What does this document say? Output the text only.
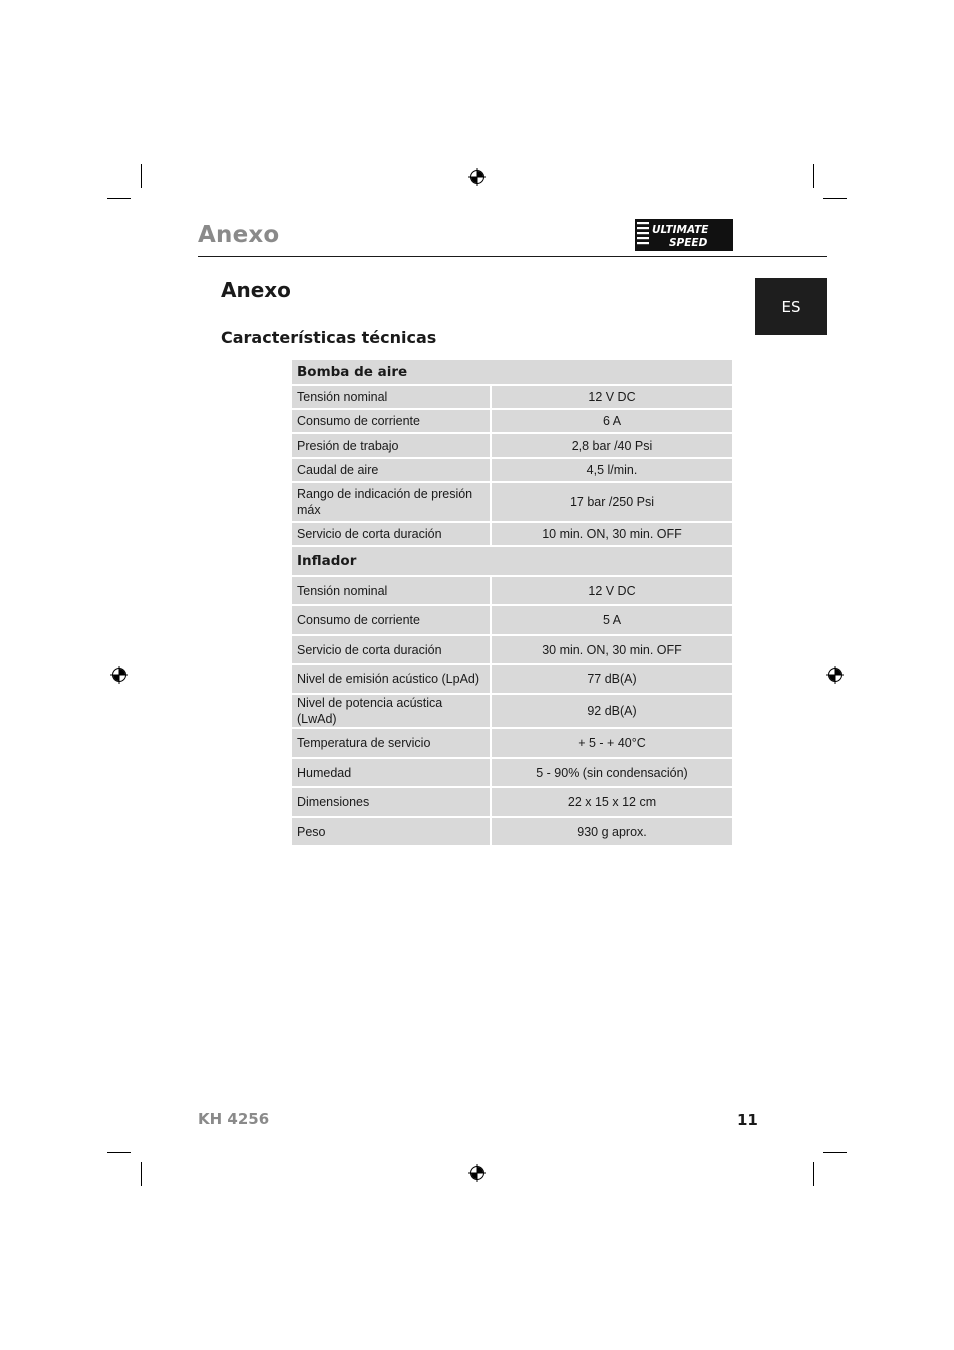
Anexo	ULTIMATE
SPEED
ES
Anexo
Características técnicas
Bomba de aire	
Tensión nominal	12 V DC
Consumo de corriente	6 A
Presión de trabajo	2,8 bar /40 Psi
Caudal de aire	4,5 l/min.
Rango de indicación de presión máx	17 bar /250 Psi
Servicio de corta duración	10 min. ON, 30 min. OFF
Inflador	
Tensión nominal	12 V DC
Consumo de corriente	5 A
Servicio de corta duración	30 min. ON, 30 min. OFF
Nivel de emisión acústico (LpAd)	77 dB(A)
Nivel de potencia acústica (LwAd)	92 dB(A)
Temperatura de servicio	+ 5 - + 40°C
Humedad	5 - 90% (sin condensación)
Dimensiones	22 x 15 x 12 cm
Peso	930 g aprox.
KH 4256	11
